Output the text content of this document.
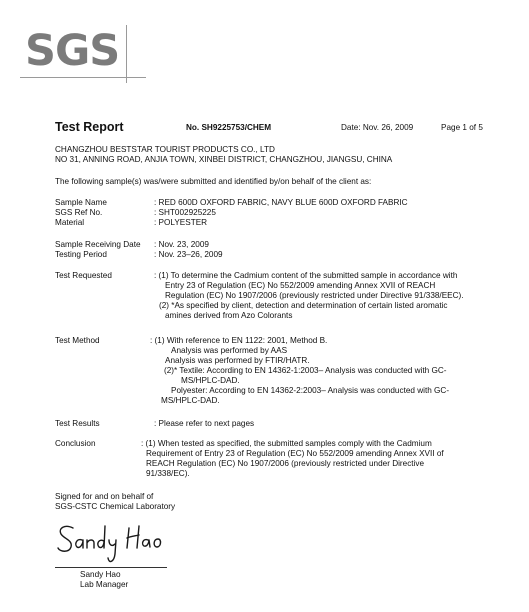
SGS
Test Report	No. SH9225753/CHEM	Date: Nov. 26, 2009	Page 1 of 5
CHANGZHOU BESTSTAR TOURIST PRODUCTS CO., LTD
NO 31, ANNING ROAD, ANJIA TOWN, XINBEI DISTRICT, CHANGZHOU, JIANGSU, CHINA
The following sample(s) was/were submitted and identified by/on behalf of the client as:
Sample Name	: RED 600D OXFORD FABRIC, NAVY BLUE 600D OXFORD FABRIC
SGS Ref No.	: SHT002925225
Material	: POLYESTER
Sample Receiving Date : Nov. 23, 2009
Testing Period	: Nov. 23–26, 2009
Test Requested	: (1) To determine the Cadmium content of the submitted sample in accordance with
Entry 23 of Regulation (EC) No 552/2009 amending Annex XVII of REACH
Regulation (EC) No 1907/2006 (previously restricted under Directive 91/338/EEC).
(2) *As specified by client, detection and determination of certain listed aromatic
amines derived from Azo Colorants
Test Method	: (1) With reference to EN 1122: 2001, Method B.
Analysis was performed by AAS
Analysis was performed by FTIR/HATR.
(2)* Textile: According to EN 14362-1:2003– Analysis was conducted with GC-
MS/HPLC-DAD.
Polyester: According to EN 14362-2:2003– Analysis was conducted with GC-
MS/HPLC-DAD.
Test Results	: Please refer to next pages
Conclusion	: (1) When tested as specified, the submitted samples comply with the Cadmium
Requirement of Entry 23 of Regulation (EC) No 552/2009 amending Annex XVII of
REACH Regulation (EC) No 1907/2006 (previously restricted under Directive
91/338/EC).
Signed for and on behalf of
SGS-CSTC Chemical Laboratory
Sandy Hao
Lab Manager
